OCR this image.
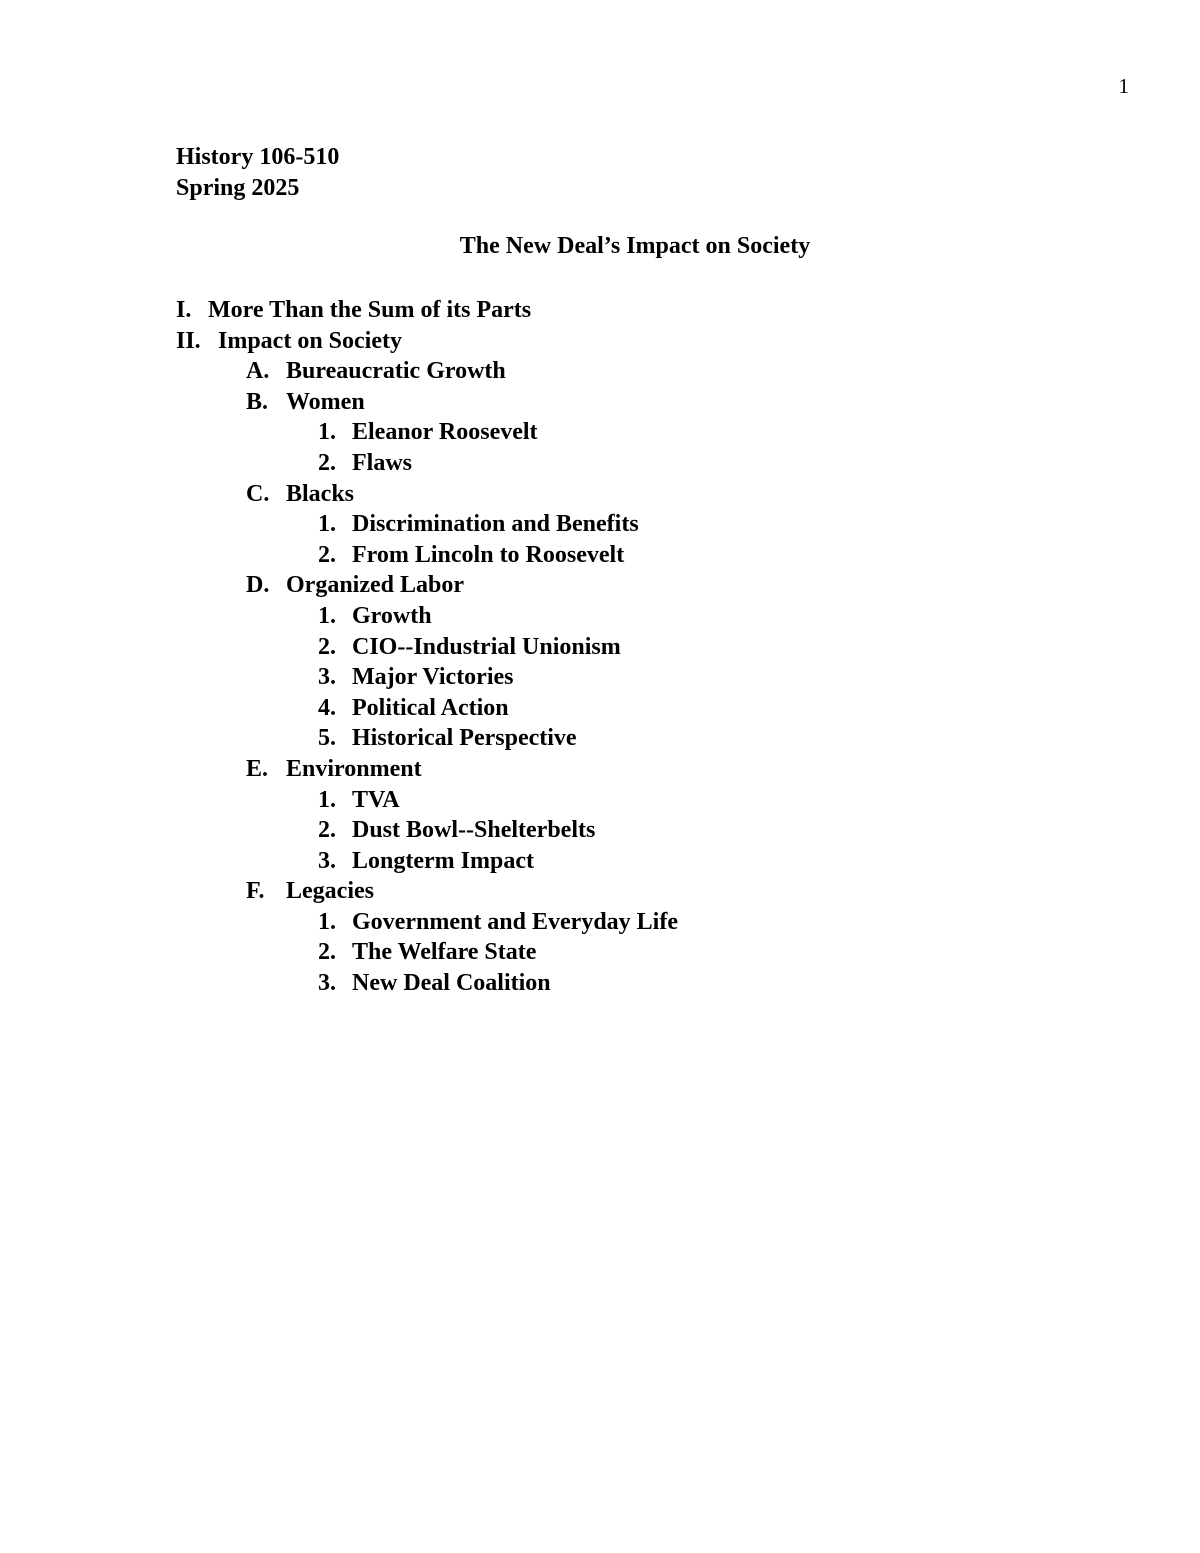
1
History 106-510
Spring 2025
The New Deal’s Impact on Society
I. More Than the Sum of its Parts
II. Impact on Society
A. Bureaucratic Growth
B. Women
1. Eleanor Roosevelt
2. Flaws
C. Blacks
1. Discrimination and Benefits
2. From Lincoln to Roosevelt
D. Organized Labor
1. Growth
2. CIO--Industrial Unionism
3. Major Victories
4. Political Action
5. Historical Perspective
E. Environment
1. TVA
2. Dust Bowl--Shelterbelts
3. Longterm Impact
F. Legacies
1. Government and Everyday Life
2. The Welfare State
3. New Deal Coalition
